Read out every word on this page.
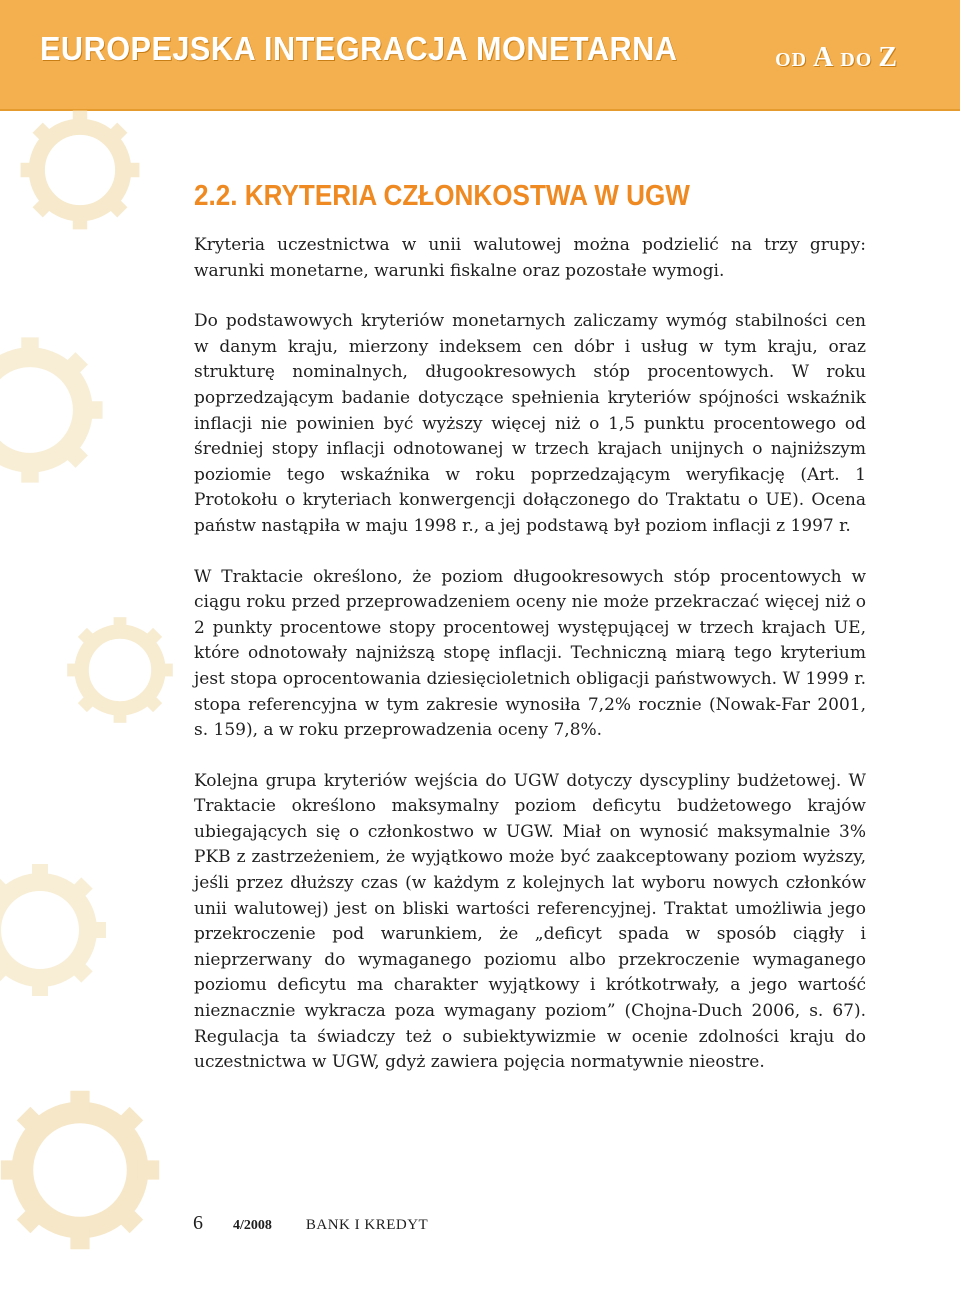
EUROPEJSKA INTEGRACJA MONETARNA	OD A DO Z
2.2. KRYTERIA CZŁONKOSTWA W UGW

Kryteria uczestnictwa w unii walutowej można podzielić na trzy grupy: warunki monetarne, warunki fiskalne oraz pozostałe wymogi.

Do podstawowych kryteriów monetarnych zaliczamy wymóg stabilności cen w danym kraju, mierzony indeksem cen dóbr i usług w tym kraju, oraz strukturę nominalnych, długookresowych stóp procentowych. W roku poprzedzającym badanie dotyczące spełnienia kryteriów spójności wskaźnik inflacji nie powinien być wyższy więcej niż o 1,5 punktu procentowego od średniej stopy inflacji odnotowanej w trzech krajach unijnych o najniższym poziomie tego wskaźnika w roku poprzedzającym weryfikację (Art. 1 Protokołu o kryteriach konwergencji dołączonego do Traktatu o UE). Ocena państw nastąpiła w maju 1998 r., a jej podstawą był poziom inflacji z 1997 r.

W Traktacie określono, że poziom długookresowych stóp procentowych w ciągu roku przed przeprowadzeniem oceny nie może przekraczać więcej niż o 2 punkty procentowe stopy procentowej występującej w trzech krajach UE, które odnotowały najniższą stopę inflacji. Techniczną miarą tego kryterium jest stopa oprocentowania dziesięcioletnich obligacji państwowych. W 1999 r. stopa referencyjna w tym zakresie wynosiła 7,2% rocznie (Nowak-Far 2001, s. 159), a w roku przeprowadzenia oceny 7,8%.

Kolejna grupa kryteriów wejścia do UGW dotyczy dyscypliny budżetowej. W Traktacie określono maksymalny poziom deficytu budżetowego krajów ubiegających się o członkostwo w UGW. Miał on wynosić maksymalnie 3% PKB z zastrzeżeniem, że wyjątkowo może być zaakceptowany poziom wyższy, jeśli przez dłuższy czas (w każdym z kolejnych lat wyboru nowych członków unii walutowej) jest on bliski wartości referencyjnej. Traktat umożliwia jego przekroczenie pod warunkiem, że „deficyt spada w sposób ciągły i nieprzerwany do wymaganego poziomu albo przekroczenie wymaganego poziomu deficytu ma charakter wyjątkowy i krótkotrwały, a jego wartość nieznacznie wykracza poza wymagany poziom” (Chojna-Duch 2006, s. 67). Regulacja ta świadczy też o subiektywizmie w ocenie zdolności kraju do uczestnictwa w UGW, gdyż zawiera pojęcia normatywnie nieostre.

6 4/2008 BANK I KREDYT
